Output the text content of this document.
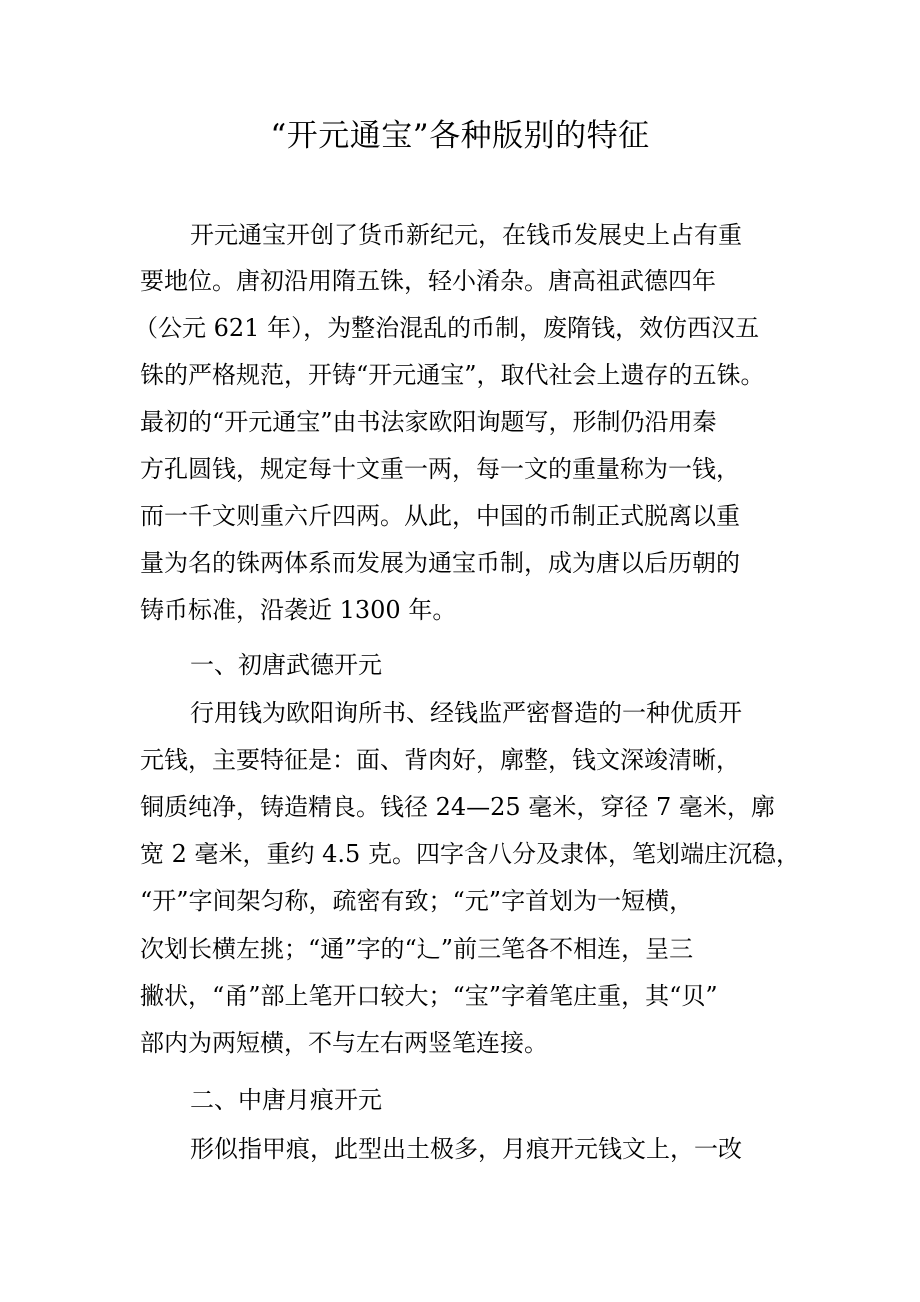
“开元通宝”各种版别的特征
开元通宝开创了货币新纪元，在钱币发展史上占有重
要地位。唐初沿用隋五铢，轻小淆杂。唐高祖武德四年
（公元 621 年），为整治混乱的币制，废隋钱，效仿西汉五
铢的严格规范，开铸“开元通宝”，取代社会上遗存的五铢。
最初的“开元通宝”由书法家欧阳询题写，形制仍沿用秦
方孔圆钱，规定每十文重一两，每一文的重量称为一钱，
而一千文则重六斤四两。从此，中国的币制正式脱离以重
量为名的铢两体系而发展为通宝币制，成为唐以后历朝的
铸币标准，沿袭近 1300 年。
一、初唐武德开元
行用钱为欧阳询所书、经钱监严密督造的一种优质开
元钱，主要特征是：面、背肉好，廓整，钱文深竣清晰，
铜质纯净，铸造精良。钱径 24—25 毫米，穿径 7 毫米，廓
宽 2 毫米，重约 4.5 克。四字含八分及隶体，笔划端庄沉稳，
“开”字间架匀称，疏密有致；“元”字首划为一短横，
次划长横左挑；“通”字的“辶”前三笔各不相连，呈三
撇状，“甬”部上笔开口较大；“宝”字着笔庄重，其“贝”
部内为两短横，不与左右两竖笔连接。
二、中唐月痕开元
形似指甲痕，此型出土极多，月痕开元钱文上，一改
